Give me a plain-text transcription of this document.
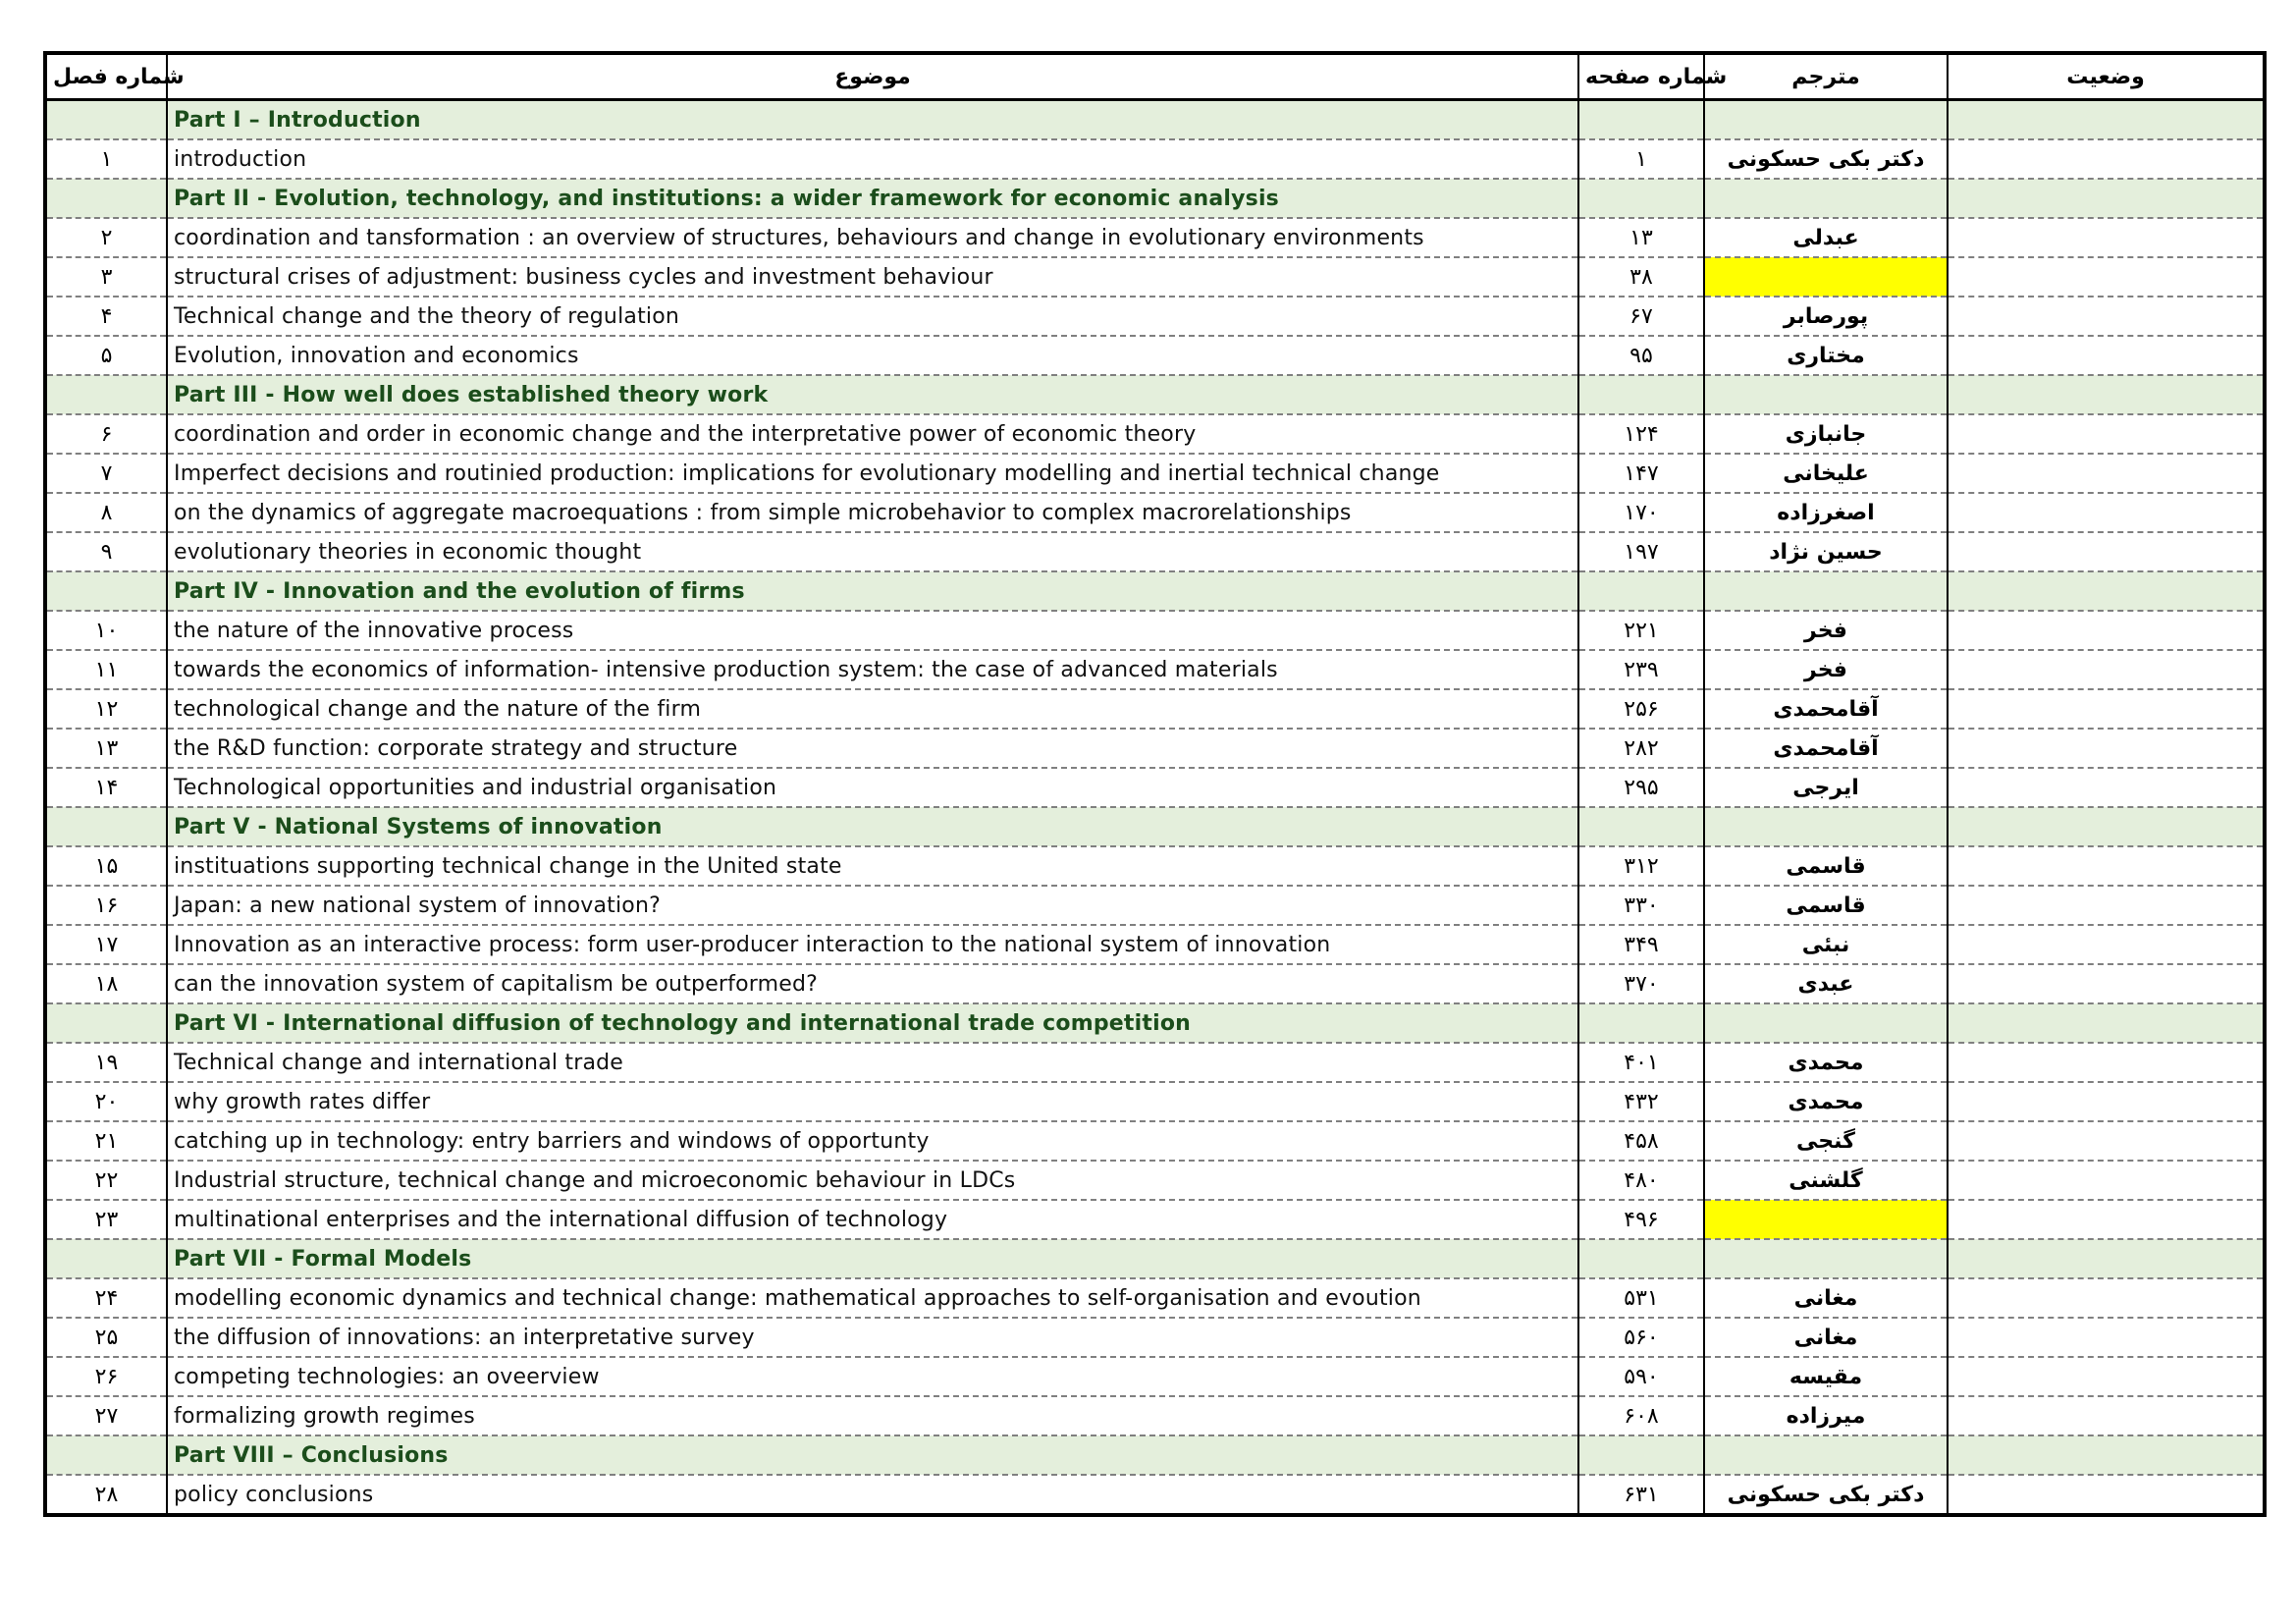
شماره فصل	موضوع	شماره صفحه	مترجم	وضعیت
	Part I – Introduction			
۱	introduction	۱	دکتر بکی حسکونی	
	Part II - Evolution, technology, and institutions: a wider framework for economic analysis			
۲	coordination and tansformation : an overview of structures, behaviours and change in evolutionary environments	۱۳	عبدلی	
۳	structural crises of adjustment: business cycles and investment behaviour	۳۸		
۴	Technical change and the theory of regulation	۶۷	پورصابر	
۵	Evolution, innovation and economics	۹۵	مختاری	
	Part III - How well does established theory work			
۶	coordination and order in economic change and the interpretative power of economic theory	۱۲۴	جانبازی	
۷	Imperfect decisions and routinied production: implications for evolutionary modelling and inertial technical change	۱۴۷	علیخانی	
۸	on the dynamics of aggregate macroequations : from simple microbehavior to complex macrorelationships	۱۷۰	اصغرزاده	
۹	evolutionary theories in economic thought	۱۹۷	حسین نژاد	
	Part IV - Innovation and the evolution of firms			
۱۰	the nature of the innovative process	۲۲۱	فخر	
۱۱	towards the economics of information- intensive production system: the case of advanced materials	۲۳۹	فخر	
۱۲	technological change and the nature of the firm	۲۵۶	آقامحمدی	
۱۳	the R&D function: corporate strategy and structure	۲۸۲	آقامحمدی	
۱۴	Technological opportunities and industrial organisation	۲۹۵	ایرجی	
	Part V - National Systems of innovation			
۱۵	instituations supporting technical change in the United state	۳۱۲	قاسمی	
۱۶	Japan: a new national system of innovation?	۳۳۰	قاسمی	
۱۷	Innovation as an interactive process: form user-producer interaction to the national system of innovation	۳۴۹	نبئی	
۱۸	can the innovation system of capitalism be outperformed?	۳۷۰	عبدی	
	Part VI - International diffusion of technology and international trade competition			
۱۹	Technical change and international trade	۴۰۱	محمدی	
۲۰	why growth rates differ	۴۳۲	محمدی	
۲۱	catching up in technology: entry barriers and windows of opportunty	۴۵۸	گنجی	
۲۲	Industrial structure, technical change and microeconomic behaviour in LDCs	۴۸۰	گلشنی	
۲۳	multinational enterprises and the international diffusion of technology	۴۹۶		
	Part VII - Formal Models			
۲۴	modelling economic dynamics and technical change: mathematical approaches to self-organisation and evoution	۵۳۱	مغانی	
۲۵	the diffusion of innovations: an interpretative survey	۵۶۰	مغانی	
۲۶	competing technologies: an oveerview	۵۹۰	مقیسه	
۲۷	formalizing growth regimes	۶۰۸	میرزاده	
	Part VIII – Conclusions			
۲۸	policy conclusions	۶۳۱	دکتر بکی حسکونی	
